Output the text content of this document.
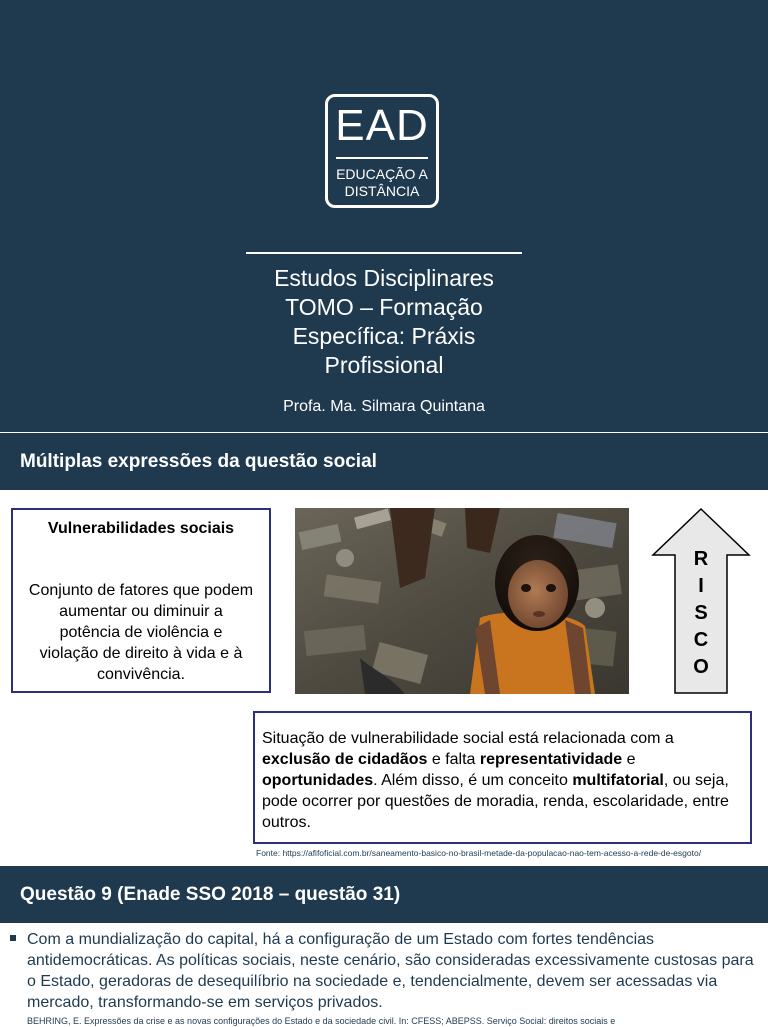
EAD
EDUCAÇÃO A
DISTÂNCIA
Estudos Disciplinares
TOMO – Formação
Específica: Práxis
Profissional
Profa. Ma. Silmara Quintana
Múltiplas expressões da questão social
Vulnerabilidades sociais
Conjunto de fatores que podem
aumentar ou diminuir a
potência de violência e
violação de direito à vida e à
convivência.
R
I
S
C
O
Situação de vulnerabilidade social está relacionada com a exclusão de cidadãos e falta representatividade e oportunidades. Além disso, é um conceito multifatorial, ou seja, pode ocorrer por questões de moradia, renda, escolaridade, entre outros.
Fonte: https://afifoficial.com.br/saneamento-basico-no-brasil-metade-da-populacao-nao-tem-acesso-a-rede-de-esgoto/
Questão 9 (Enade SSO 2018 – questão 31)
Com a mundialização do capital, há a configuração de um Estado com fortes tendências antidemocráticas. As políticas sociais, neste cenário, são consideradas excessivamente custosas para o Estado, geradoras de desequilíbrio na sociedade e, tendencialmente, devem ser acessadas via mercado, transformando-se em serviços privados.
BEHRING, E. Expressões da crise e as novas configurações do Estado e da sociedade civil. In: CFESS; ABEPSS. Serviço Social: direitos sociais e
